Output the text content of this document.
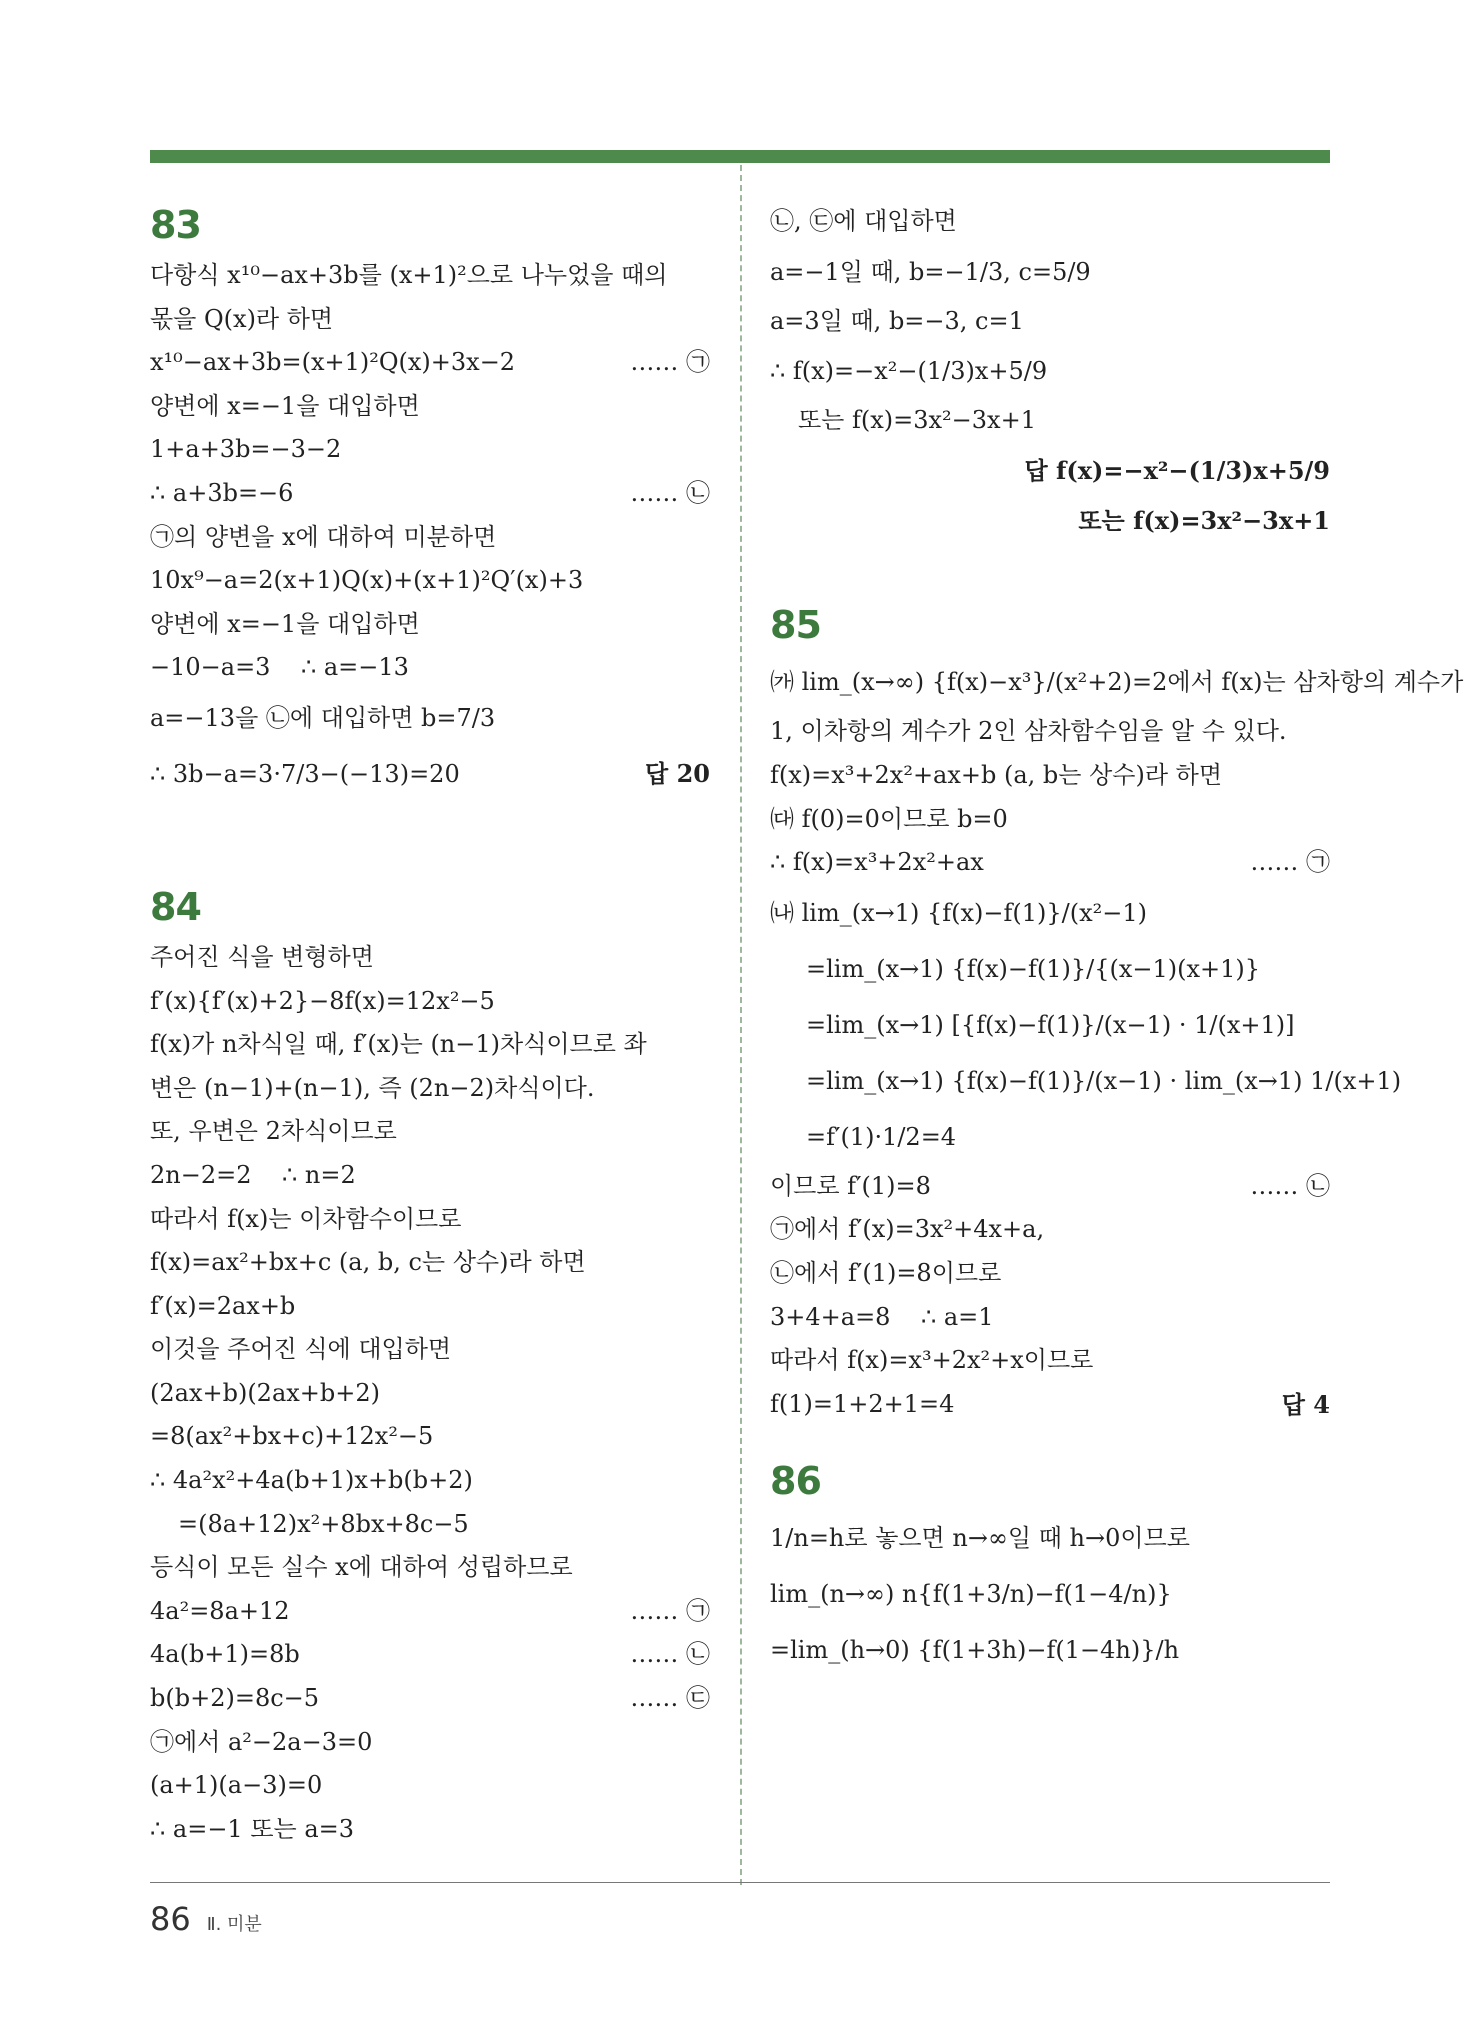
83
다항식 x¹⁰−ax+3b를 (x+1)²으로 나누었을 때의
몫을 Q(x)라 하면
x¹⁰−ax+3b=(x+1)²Q(x)+3x−2	…… ㉠
양변에 x=−1을 대입하면
1+a+3b=−3−2
∴ a+3b=−6	…… ㉡
㉠의 양변을 x에 대하여 미분하면
10x⁹−a=2(x+1)Q(x)+(x+1)²Q′(x)+3
양변에 x=−1을 대입하면
−10−a=3    ∴ a=−13
a=−13을 ㉡에 대입하면 b=7/3
∴ 3b−a=3·7/3−(−13)=20	답 20
84
주어진 식을 변형하면
f′(x){f′(x)+2}−8f(x)=12x²−5
f(x)가 n차식일 때, f′(x)는 (n−1)차식이므로 좌
변은 (n−1)+(n−1), 즉 (2n−2)차식이다.
또, 우변은 2차식이므로
2n−2=2    ∴ n=2
따라서 f(x)는 이차함수이므로
f(x)=ax²+bx+c (a, b, c는 상수)라 하면
f′(x)=2ax+b
이것을 주어진 식에 대입하면
(2ax+b)(2ax+b+2)
=8(ax²+bx+c)+12x²−5
∴ 4a²x²+4a(b+1)x+b(b+2)
=(8a+12)x²+8bx+8c−5
등식이 모든 실수 x에 대하여 성립하므로
4a²=8a+12	…… ㉠
4a(b+1)=8b	…… ㉡
b(b+2)=8c−5	…… ㉢
㉠에서 a²−2a−3=0
(a+1)(a−3)=0
∴ a=−1 또는 a=3
㉡, ㉢에 대입하면
a=−1일 때, b=−1/3, c=5/9
a=3일 때, b=−3, c=1
∴ f(x)=−x²−(1/3)x+5/9
또는 f(x)=3x²−3x+1
답 f(x)=−x²−(1/3)x+5/9
또는 f(x)=3x²−3x+1
85
㈎ lim_(x→∞) {f(x)−x³}/(x²+2)=2에서 f(x)는 삼차항의 계수가
1, 이차항의 계수가 2인 삼차함수임을 알 수 있다.
f(x)=x³+2x²+ax+b (a, b는 상수)라 하면
㈐ f(0)=0이므로 b=0
∴ f(x)=x³+2x²+ax	…… ㉠
㈏ lim_(x→1) {f(x)−f(1)}/(x²−1)
=lim_(x→1) {f(x)−f(1)}/{(x−1)(x+1)}
=lim_(x→1) [{f(x)−f(1)}/(x−1) · 1/(x+1)]
=lim_(x→1) {f(x)−f(1)}/(x−1) · lim_(x→1) 1/(x+1)
=f′(1)·1/2=4
이므로 f′(1)=8	…… ㉡
㉠에서 f′(x)=3x²+4x+a,
㉡에서 f′(1)=8이므로
3+4+a=8    ∴ a=1
따라서 f(x)=x³+2x²+x이므로
f(1)=1+2+1=4	답 4
86
1/n=h로 놓으면 n→∞일 때 h→0이므로
lim_(n→∞) n{f(1+3/n)−f(1−4/n)}
=lim_(h→0) {f(1+3h)−f(1−4h)}/h
86 Ⅱ. 미분
